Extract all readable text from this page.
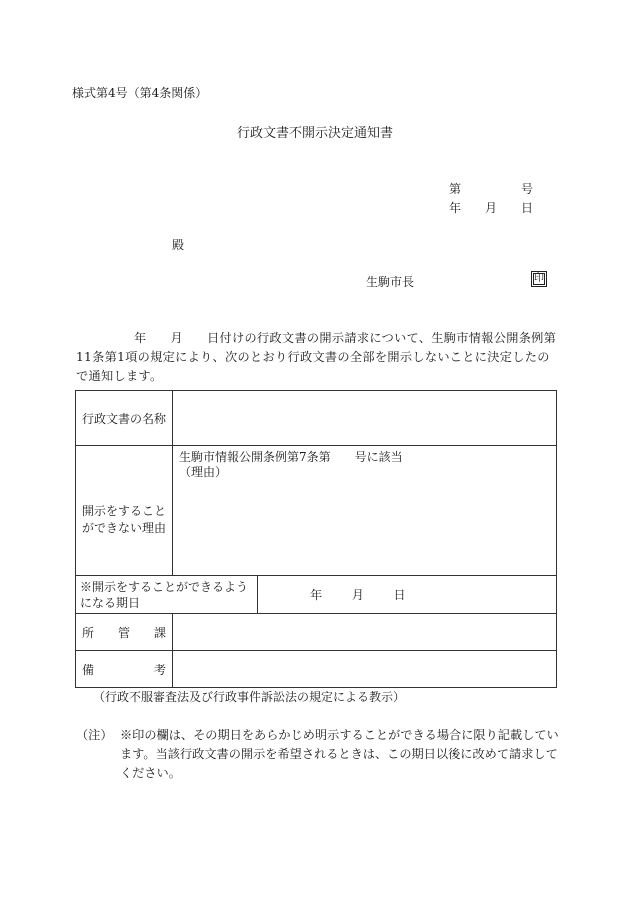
様式第4号（第4条関係）
行政文書不開示決定通知書
第	号
年 月 日
殿
生駒市長	印
年 月 日付けの行政文書の開示請求について、生駒市情報公開条例第11条第1項の規定により、次のとおり行政文書の全部を開示しないことに決定したので通知します。
行政文書の名称		
開示をすることができない理由	生駒市情報公開条例第7条第　　号に該当
（理由）	

※開示をすることができるようになる期日		年 月 日

所 管 課		

備 考		

（行政不服審査法及び行政事件訴訟法の規定による教示）
（注） ※印の欄は、その期日をあらかじめ明示することができる場合に限り記載しています。当該行政文書の開示を希望されるときは、この期日以後に改めて請求してください。
